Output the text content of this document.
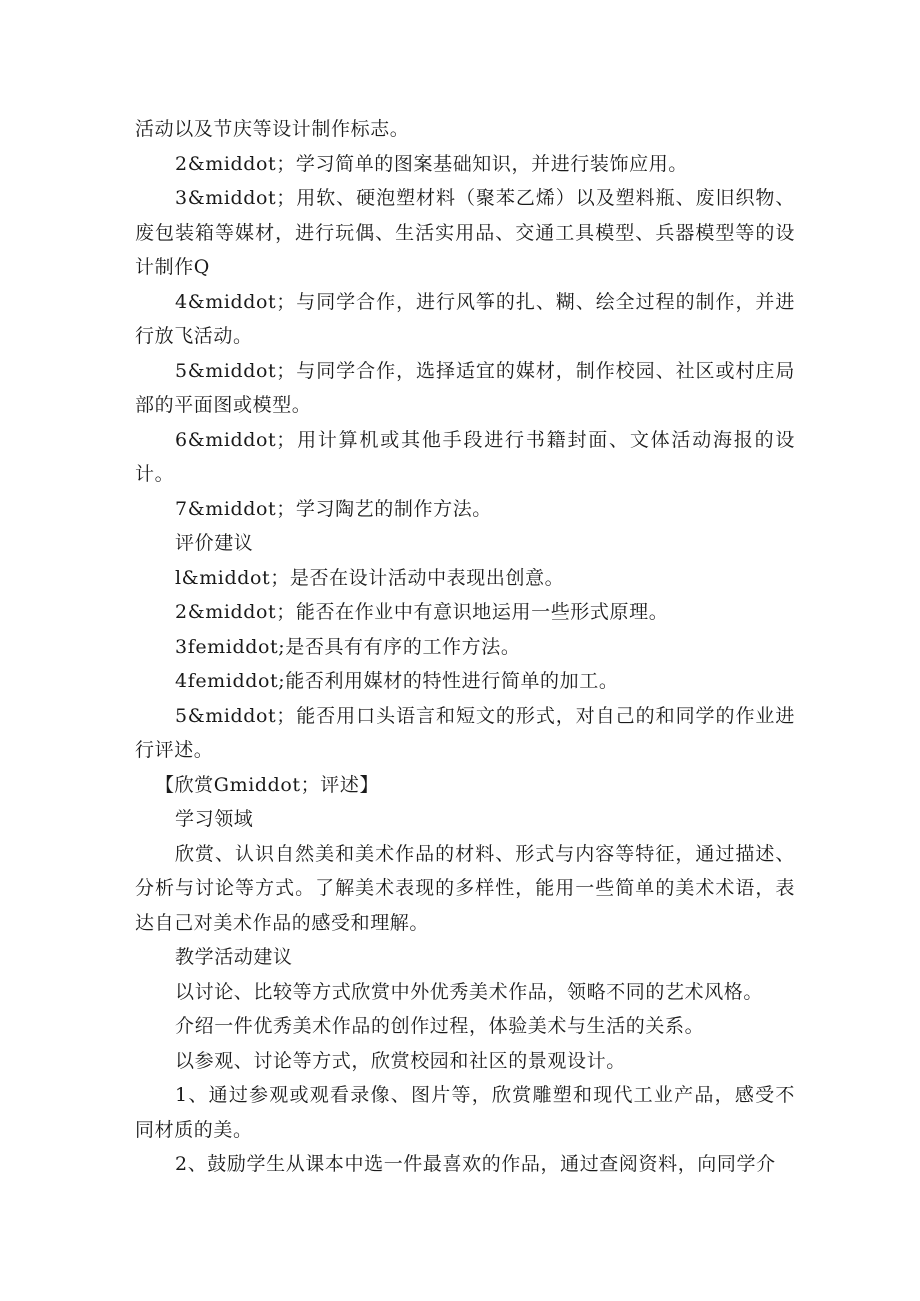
活动以及节庆等设计制作标志。

2&middot；学习简单的图案基础知识，并进行装饰应用。

3&middot；用软、硬泡塑材料（聚苯乙烯）以及塑料瓶、废旧织物、废包装箱等媒材，进行玩偶、生活实用品、交通工具模型、兵器模型等的设计制作Q

4&middot；与同学合作，进行风筝的扎、糊、绘全过程的制作，并进行放飞活动。

5&middot；与同学合作，选择适宜的媒材，制作校园、社区或村庄局部的平面图或模型。

6&middot；用计算机或其他手段进行书籍封面、文体活动海报的设计。

7&middot；学习陶艺的制作方法。

评价建议

l&middot；是否在设计活动中表现出创意。

2&middot；能否在作业中有意识地运用一些形式原理。

3femiddot;是否具有有序的工作方法。

4femiddot;能否利用媒材的特性进行简单的加工。

5&middot；能否用口头语言和短文的形式，对自己的和同学的作业进行评述。

【欣赏Gmiddot；评述】

学习领域

欣赏、认识自然美和美术作品的材料、形式与内容等特征，通过描述、分析与讨论等方式。了解美术表现的多样性，能用一些简单的美术术语，表达自己对美术作品的感受和理解。

教学活动建议

以讨论、比较等方式欣赏中外优秀美术作品，领略不同的艺术风格。

介绍一件优秀美术作品的创作过程，体验美术与生活的关系。

以参观、讨论等方式，欣赏校园和社区的景观设计。

1、通过参观或观看录像、图片等，欣赏雕塑和现代工业产品，感受不同材质的美。

2、鼓励学生从课本中选一件最喜欢的作品，通过查阅资料，向同学介
